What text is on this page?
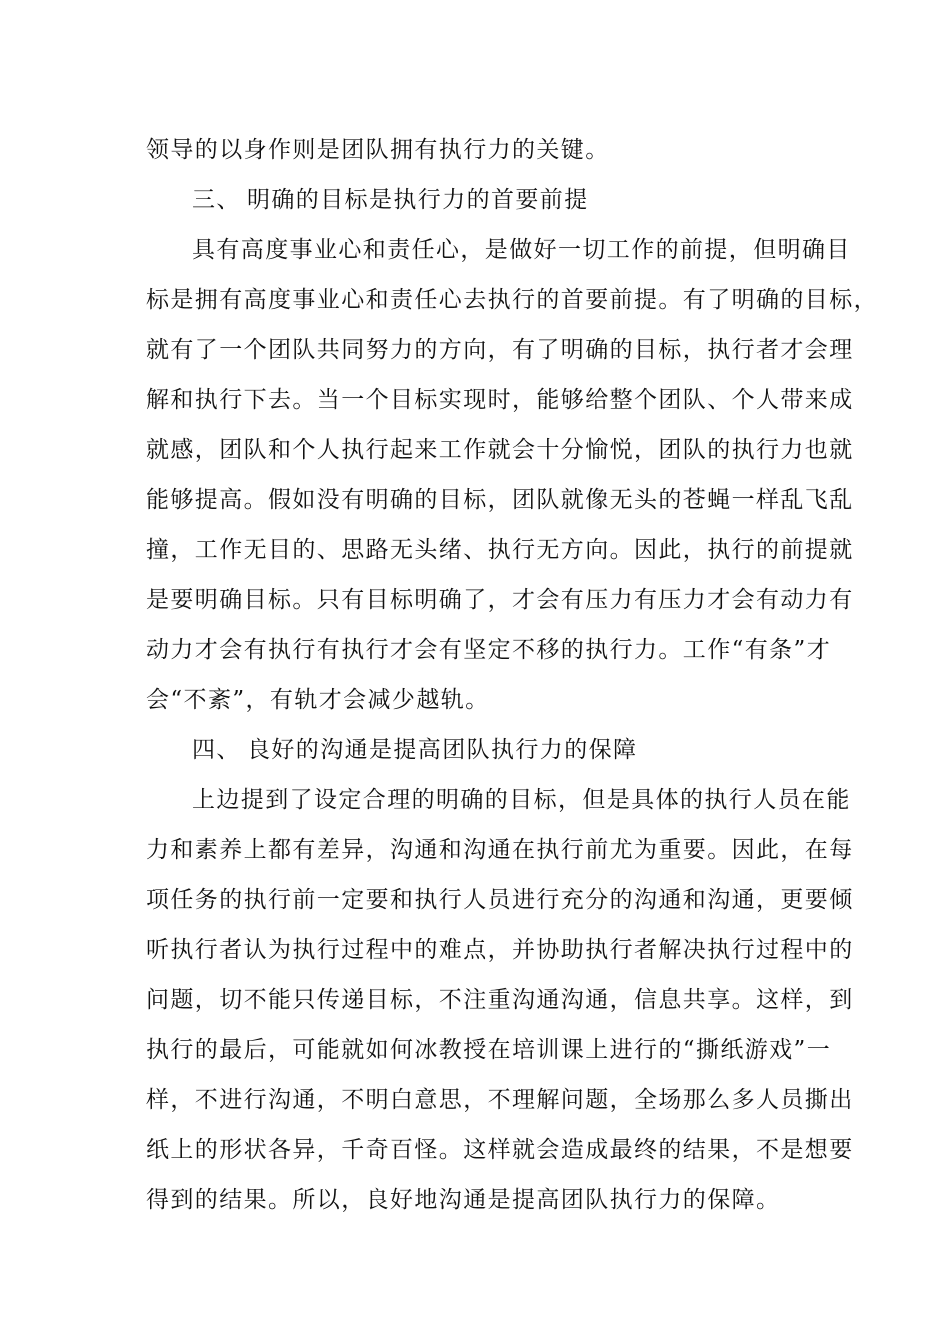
领导的以身作则是团队拥有执行力的关键。
三、 明确的目标是执行力的首要前提
具有高度事业心和责任心，是做好一切工作的前提，但明确目
标是拥有高度事业心和责任心去执行的首要前提。有了明确的目标，
就有了一个团队共同努力的方向，有了明确的目标，执行者才会理
解和执行下去。当一个目标实现时，能够给整个团队、个人带来成
就感，团队和个人执行起来工作就会十分愉悦，团队的执行力也就
能够提高。假如没有明确的目标，团队就像无头的苍蝇一样乱飞乱
撞，工作无目的、思路无头绪、执行无方向。因此，执行的前提就
是要明确目标。只有目标明确了，才会有压力有压力才会有动力有
动力才会有执行有执行才会有坚定不移的执行力。工作“有条”才
会“不紊”，有轨才会减少越轨。
四、 良好的沟通是提高团队执行力的保障
上边提到了设定合理的明确的目标，但是具体的执行人员在能
力和素养上都有差异，沟通和沟通在执行前尤为重要。因此，在每
项任务的执行前一定要和执行人员进行充分的沟通和沟通，更要倾
听执行者认为执行过程中的难点，并协助执行者解决执行过程中的
问题，切不能只传递目标，不注重沟通沟通，信息共享。这样，到
执行的最后，可能就如何冰教授在培训课上进行的“撕纸游戏”一
样，不进行沟通，不明白意思，不理解问题，全场那么多人员撕出
纸上的形状各异，千奇百怪。这样就会造成最终的结果，不是想要
得到的结果。所以，良好地沟通是提高团队执行力的保障。
